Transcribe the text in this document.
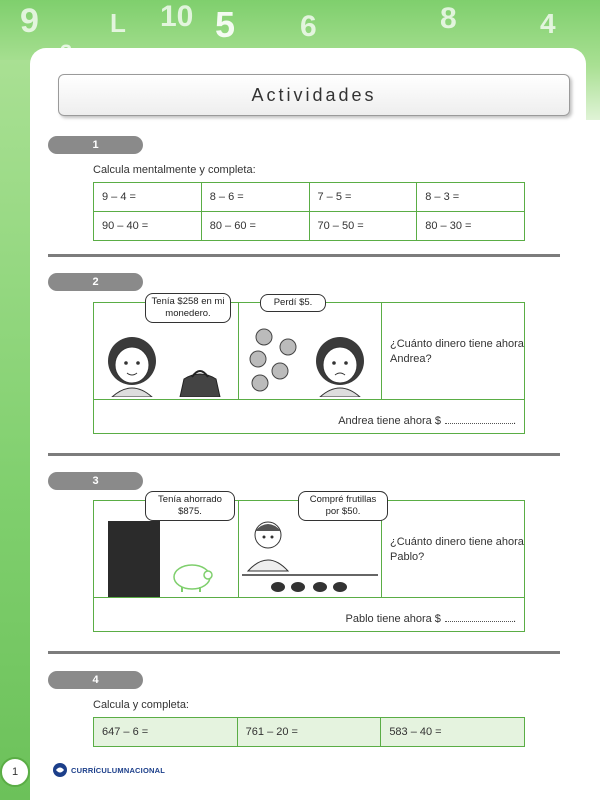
9	L 10 5 6	8	4
Actividades
1
Calcula mentalmente y completa:
9 – 4 =	8 – 6 =	7 – 5 =	8 – 3 =
90 – 40 =	80 – 60 =	70 – 50 =	80 – 30 =
2
¿Cuánto dinero tiene ahora Andrea?
Andrea tiene ahora $	.
Tenía $258 en mi monedero.
Perdí $5.
3
¿Cuánto dinero tiene ahora Pablo?
Pablo tiene ahora $	.
Tenía ahorrado $875.
Compré frutillas por $50.
4
Calcula y completa:
647 – 6 =	761 – 20 =	583 – 40 =
1	CURRÍCULUMNACIONAL
